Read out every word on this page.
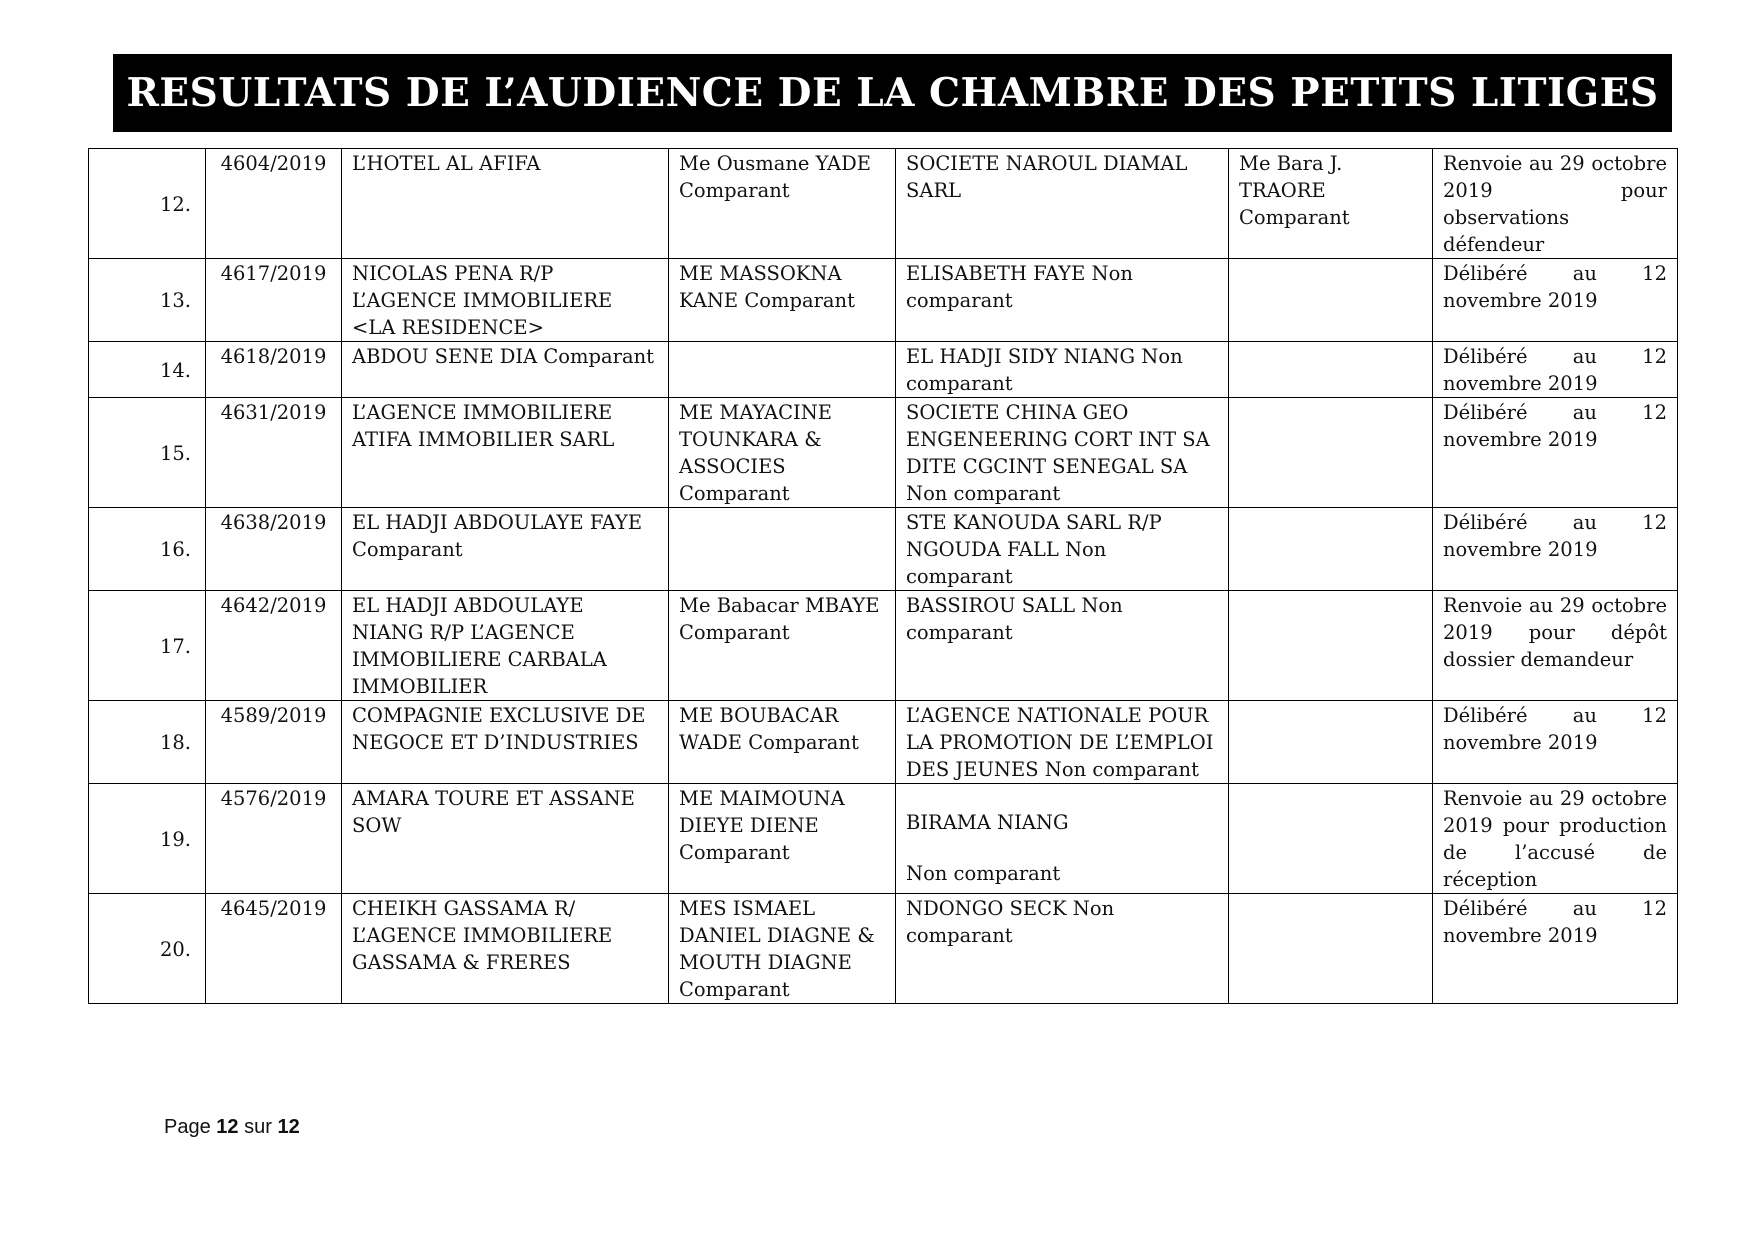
RESULTATS DE L’AUDIENCE DE LA CHAMBRE DES PETITS LITIGES
12.	4604/2019	L’HOTEL AL AFIFA	Me Ousmane YADE Comparant	SOCIETE NAROUL DIAMAL SARL	Me Bara J. TRAORE Comparant	Renvoie au 29 octobre 2019 pour observations défendeur
13.	4617/2019	NICOLAS PENA R/P L’AGENCE IMMOBILIERE <LA RESIDENCE>	ME MASSOKNA KANE Comparant	ELISABETH FAYE Non comparant		Délibéré au 12 novembre 2019
14.	4618/2019	ABDOU SENE DIA Comparant		EL HADJI SIDY NIANG Non comparant		Délibéré au 12 novembre 2019
15.	4631/2019	L’AGENCE IMMOBILIERE ATIFA IMMOBILIER SARL	ME MAYACINE TOUNKARA & ASSOCIES Comparant	SOCIETE CHINA GEO ENGENEERING CORT INT SA DITE CGCINT SENEGAL SA Non comparant		Délibéré au 12 novembre 2019
16.	4638/2019	EL HADJI ABDOULAYE FAYE Comparant		STE KANOUDA SARL R/P NGOUDA FALL Non comparant		Délibéré au 12 novembre 2019
17.	4642/2019	EL HADJI ABDOULAYE NIANG R/P L’AGENCE IMMOBILIERE CARBALA IMMOBILIER	Me Babacar MBAYE Comparant	BASSIROU SALL Non comparant		Renvoie au 29 octobre 2019 pour dépôt dossier demandeur
18.	4589/2019	COMPAGNIE EXCLUSIVE DE NEGOCE ET D’INDUSTRIES	ME BOUBACAR WADE Comparant	L’AGENCE NATIONALE POUR LA PROMOTION DE L’EMPLOI DES JEUNES Non comparant		Délibéré au 12 novembre 2019
19.	4576/2019	AMARA TOURE ET ASSANE SOW	ME MAIMOUNA DIEYE DIENE Comparant	BIRAMA NIANG
Non comparant		Renvoie au 29 octobre 2019 pour production de l’accusé de réception
20.	4645/2019	CHEIKH GASSAMA R/ L’AGENCE IMMOBILIERE GASSAMA & FRERES	MES ISMAEL DANIEL DIAGNE & MOUTH DIAGNE Comparant	NDONGO SECK Non comparant		Délibéré au 12 novembre 2019
Page 12 sur 12
